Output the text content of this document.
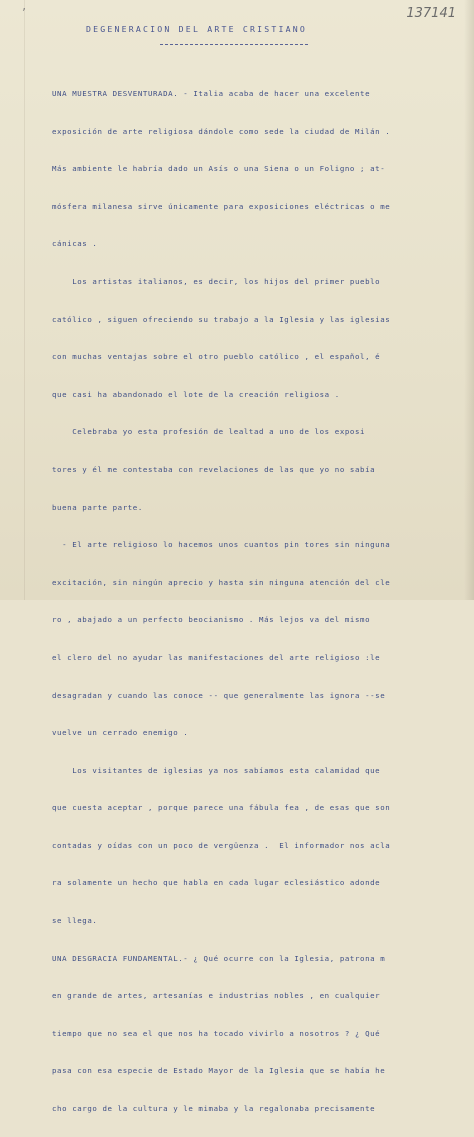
’	137141
DEGENERACION DEL ARTE CRISTIANO

UNA MUESTRA DESVENTURADA. - Italia acaba de hacer una excelente

exposición de arte religiosa dándole como sede la ciudad de Milán .

Más ambiente le habría dado un Asís o una Siena o un Foligno ; at-

mósfera milanesa sirve únicamente para exposiciones eléctricas o me

cánicas .

Los artistas italianos, es decir, los hijos del primer pueblo

católico , siguen ofreciendo su trabajo a la Iglesia y las iglesias

con muchas ventajas sobre el otro pueblo católico , el español, é

que casi ha abandonado el lote de la creación religiosa .

Celebraba yo esta profesión de lealtad a uno de los exposi

tores y él me contestaba con revelaciones de las que yo no sabía

buena parte parte.

- El arte religioso lo hacemos unos cuantos pin tores sin ninguna

excitación, sin ningún aprecio y hasta sin ninguna atención del cle

ro , abajado a un perfecto beocianismo . Más lejos va del mismo

el clero del no ayudar las manifestaciones del arte religioso :le

desagradan y cuando las conoce -- que generalmente las ignora --se

vuelve un cerrado enemigo .

Los visitantes de iglesias ya nos sabíamos esta calamidad que

que cuesta aceptar , porque parece una fábula fea , de esas que son

contadas y oídas con un poco de vergüenza .  El informador nos acla

ra solamente un hecho que habla en cada lugar eclesiástico adonde

se llega.

UNA DESGRACIA FUNDAMENTAL.- ¿ Qué ocurre con la Iglesia, patrona m

en grande de artes, artesanías e industrias nobles , en cualquier

tiempo que no sea el que nos ha tocado vivirlo a nosotros ? ¿ Qué

pasa con esa especie de Estado Mayor de la Iglesia que se había he

cho cargo de la cultura y le mimaba y la regalonaba precisamente
